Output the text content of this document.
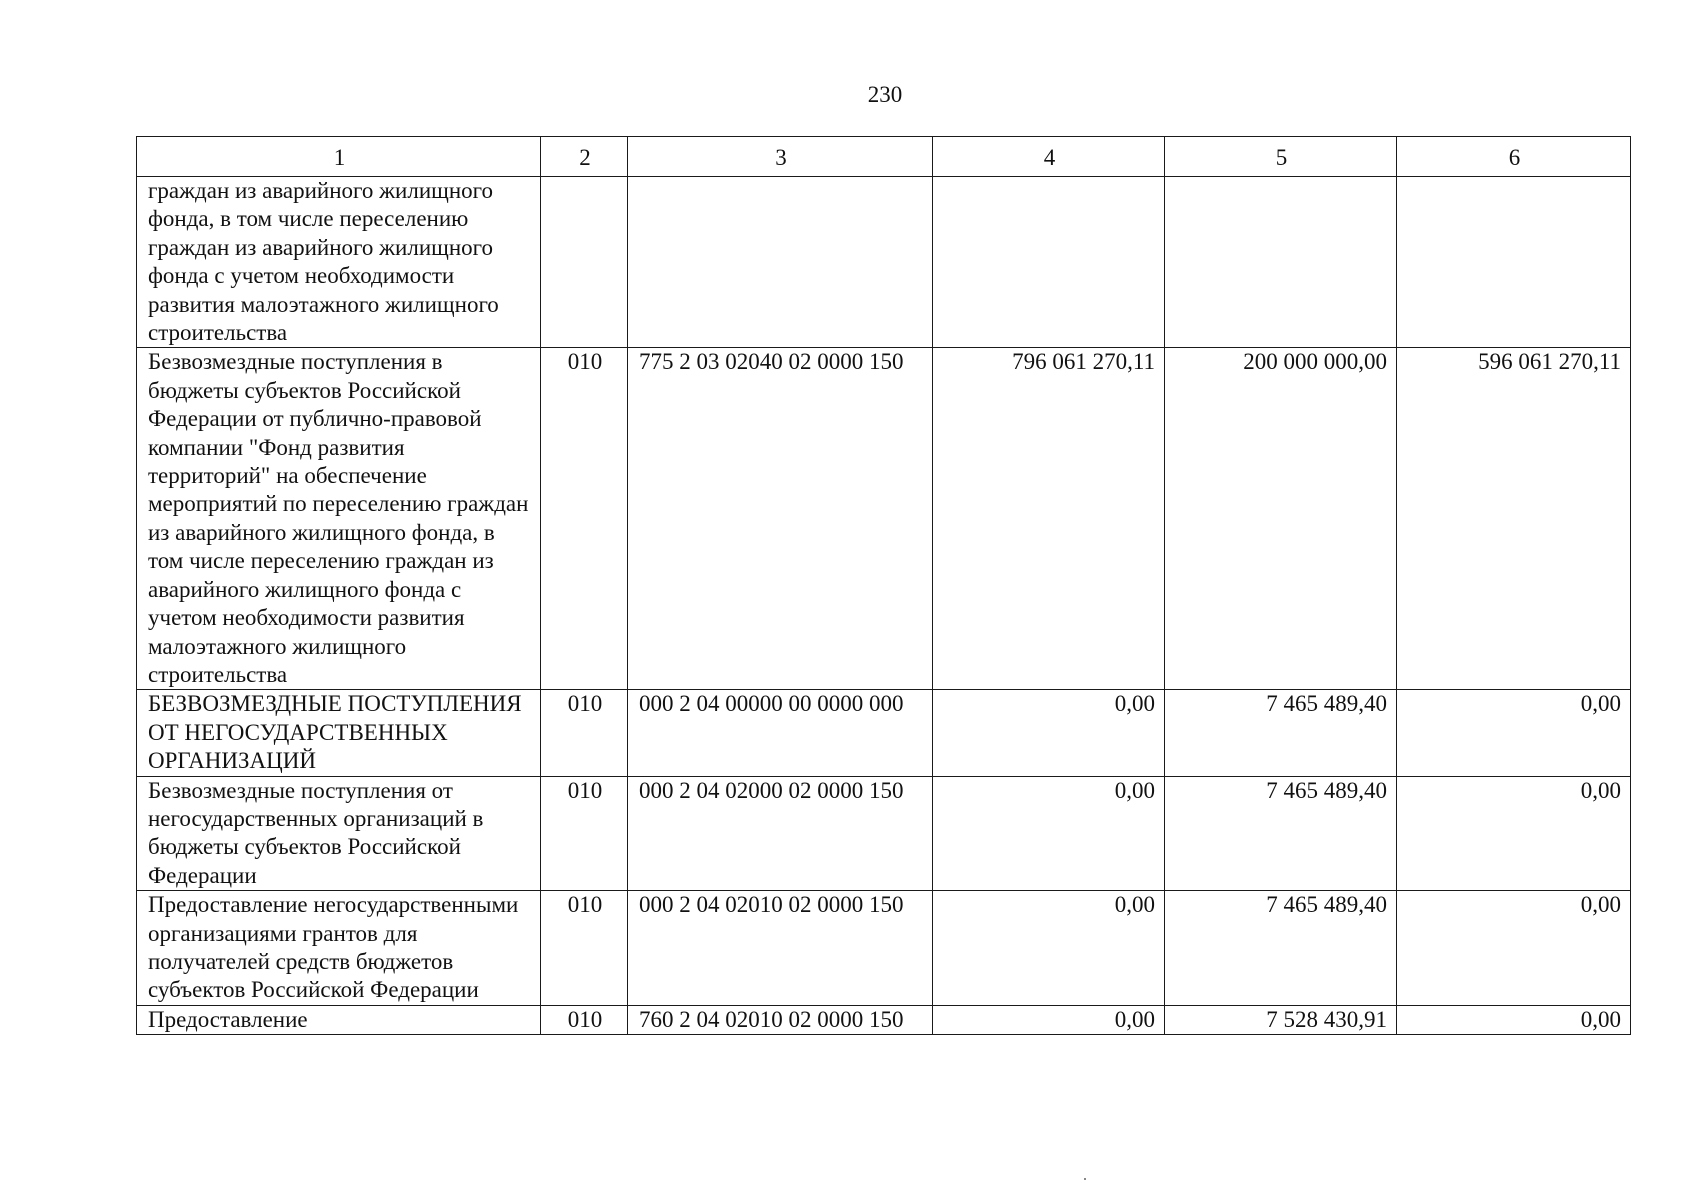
230
1	2	3	4	5	6
граждан из аварийного жилищного фонда, в том числе переселению граждан из аварийного жилищного фонда с учетом необходимости развития малоэтажного жилищного строительства					
Безвозмездные поступления в бюджеты субъектов Российской Федерации от публично-правовой компании "Фонд развития территорий" на обеспечение мероприятий по переселению граждан из аварийного жилищного фонда, в том числе переселению граждан из аварийного жилищного фонда с учетом необходимости развития малоэтажного жилищного строительства	010	775 2 03 02040 02 0000 150	796 061 270,11	200 000 000,00	596 061 270,11
БЕЗВОЗМЕЗДНЫЕ ПОСТУПЛЕНИЯ ОТ НЕГОСУДАРСТВЕННЫХ ОРГАНИЗАЦИЙ	010	000 2 04 00000 00 0000 000	0,00	7 465 489,40	0,00
Безвозмездные поступления от негосударственных организаций в бюджеты субъектов Российской Федерации	010	000 2 04 02000 02 0000 150	0,00	7 465 489,40	0,00
Предоставление негосударственными организациями грантов для получателей средств бюджетов субъектов Российской Федерации	010	000 2 04 02010 02 0000 150	0,00	7 465 489,40	0,00
Предоставление	010	760 2 04 02010 02 0000 150	0,00	7 528 430,91	0,00
